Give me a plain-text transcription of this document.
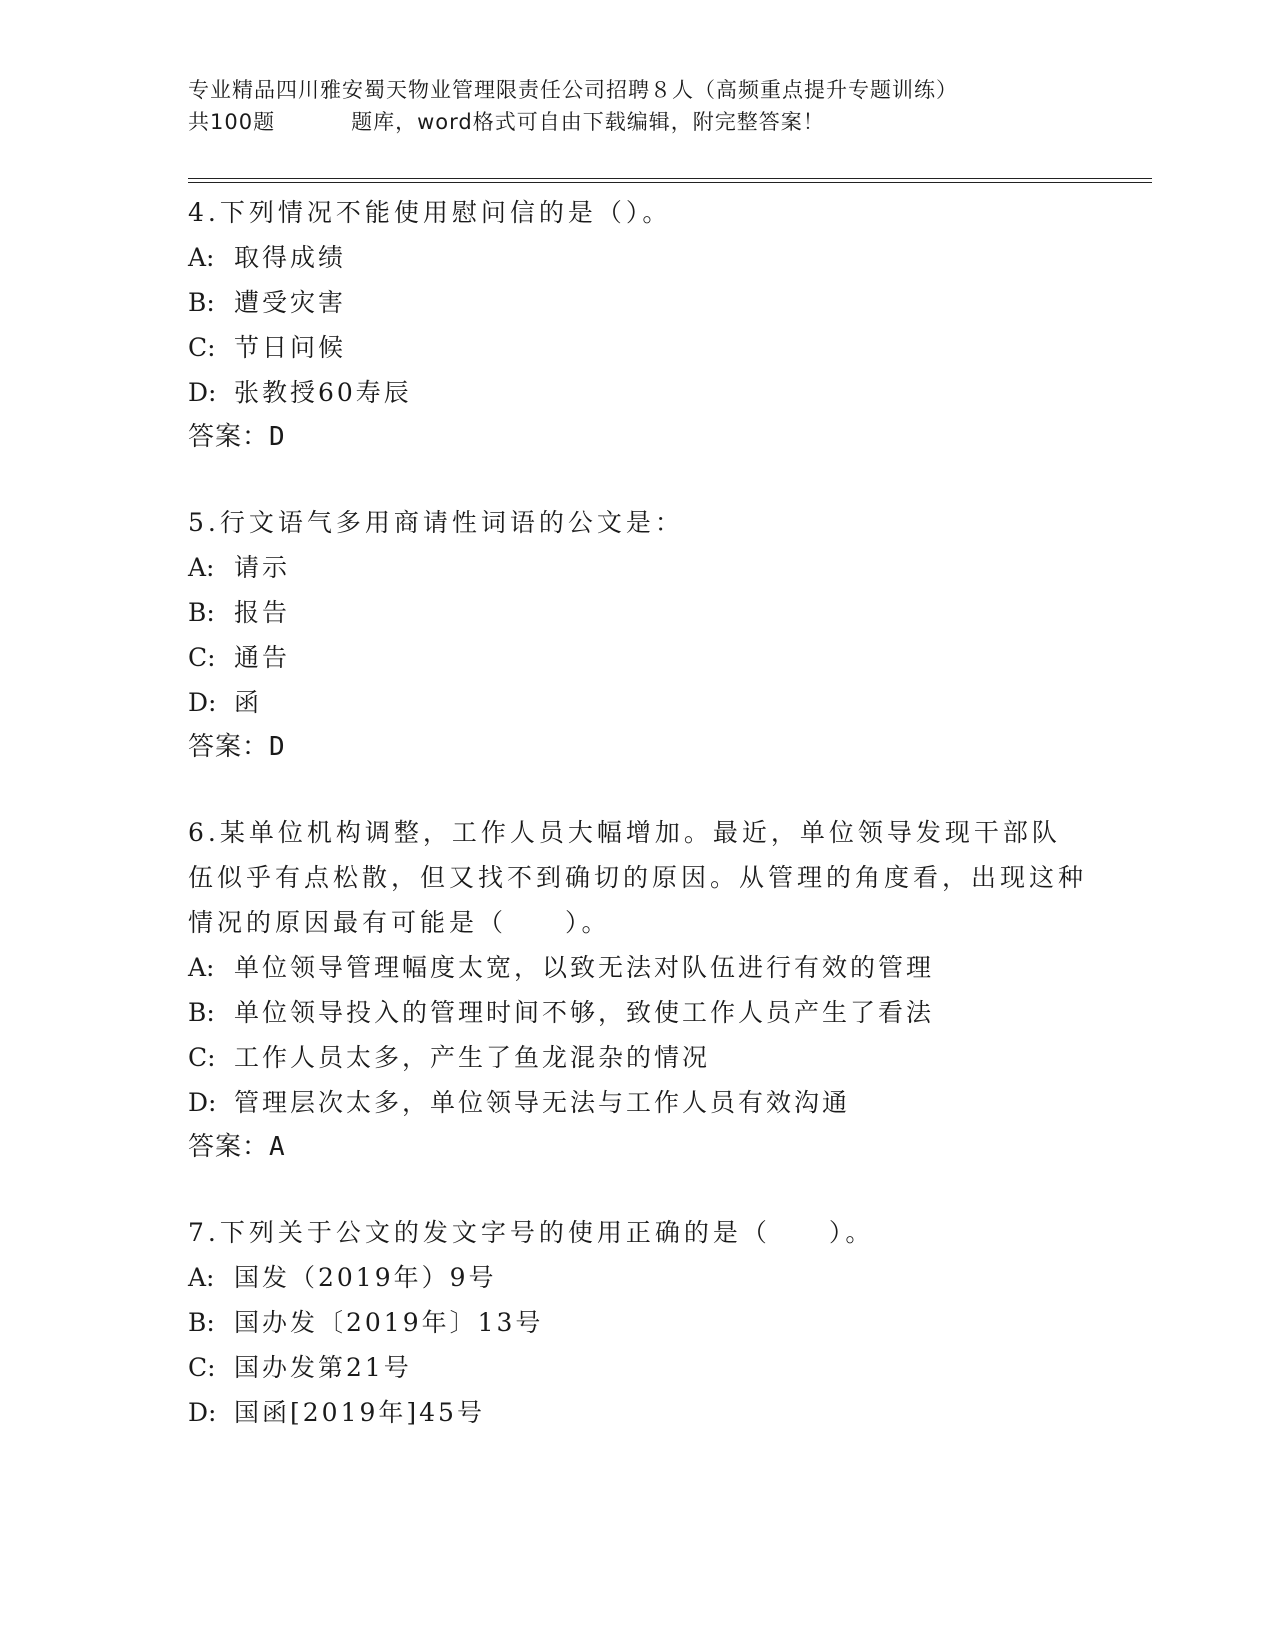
专业精品四川雅安蜀天物业管理限责任公司招聘８人（高频重点提升专题训练）
共100题	题库，word格式可自由下载编辑，附完整答案！

4.下列情况不能使用慰问信的是（）。

A: 取得成绩

B: 遭受灾害

C: 节日问候

D: 张教授60寿辰

答案：D

5.行文语气多用商请性词语的公文是：

A: 请示

B: 报告

C: 通告

D: 函

答案：D

6.某单位机构调整，工作人员大幅增加。最近，单位领导发现干部队伍似乎有点松散，但又找不到确切的原因。从管理的角度看，出现这种情况的原因最有可能是（　　）。

A: 单位领导管理幅度太宽，以致无法对队伍进行有效的管理

B: 单位领导投入的管理时间不够，致使工作人员产生了看法

C: 工作人员太多，产生了鱼龙混杂的情况

D: 管理层次太多，单位领导无法与工作人员有效沟通

答案：A

7.下列关于公文的发文字号的使用正确的是（　　）。

A: 国发（2019年）9号

B: 国办发〔2019年〕13号

C: 国办发第21号

D: 国函[2019年]45号
